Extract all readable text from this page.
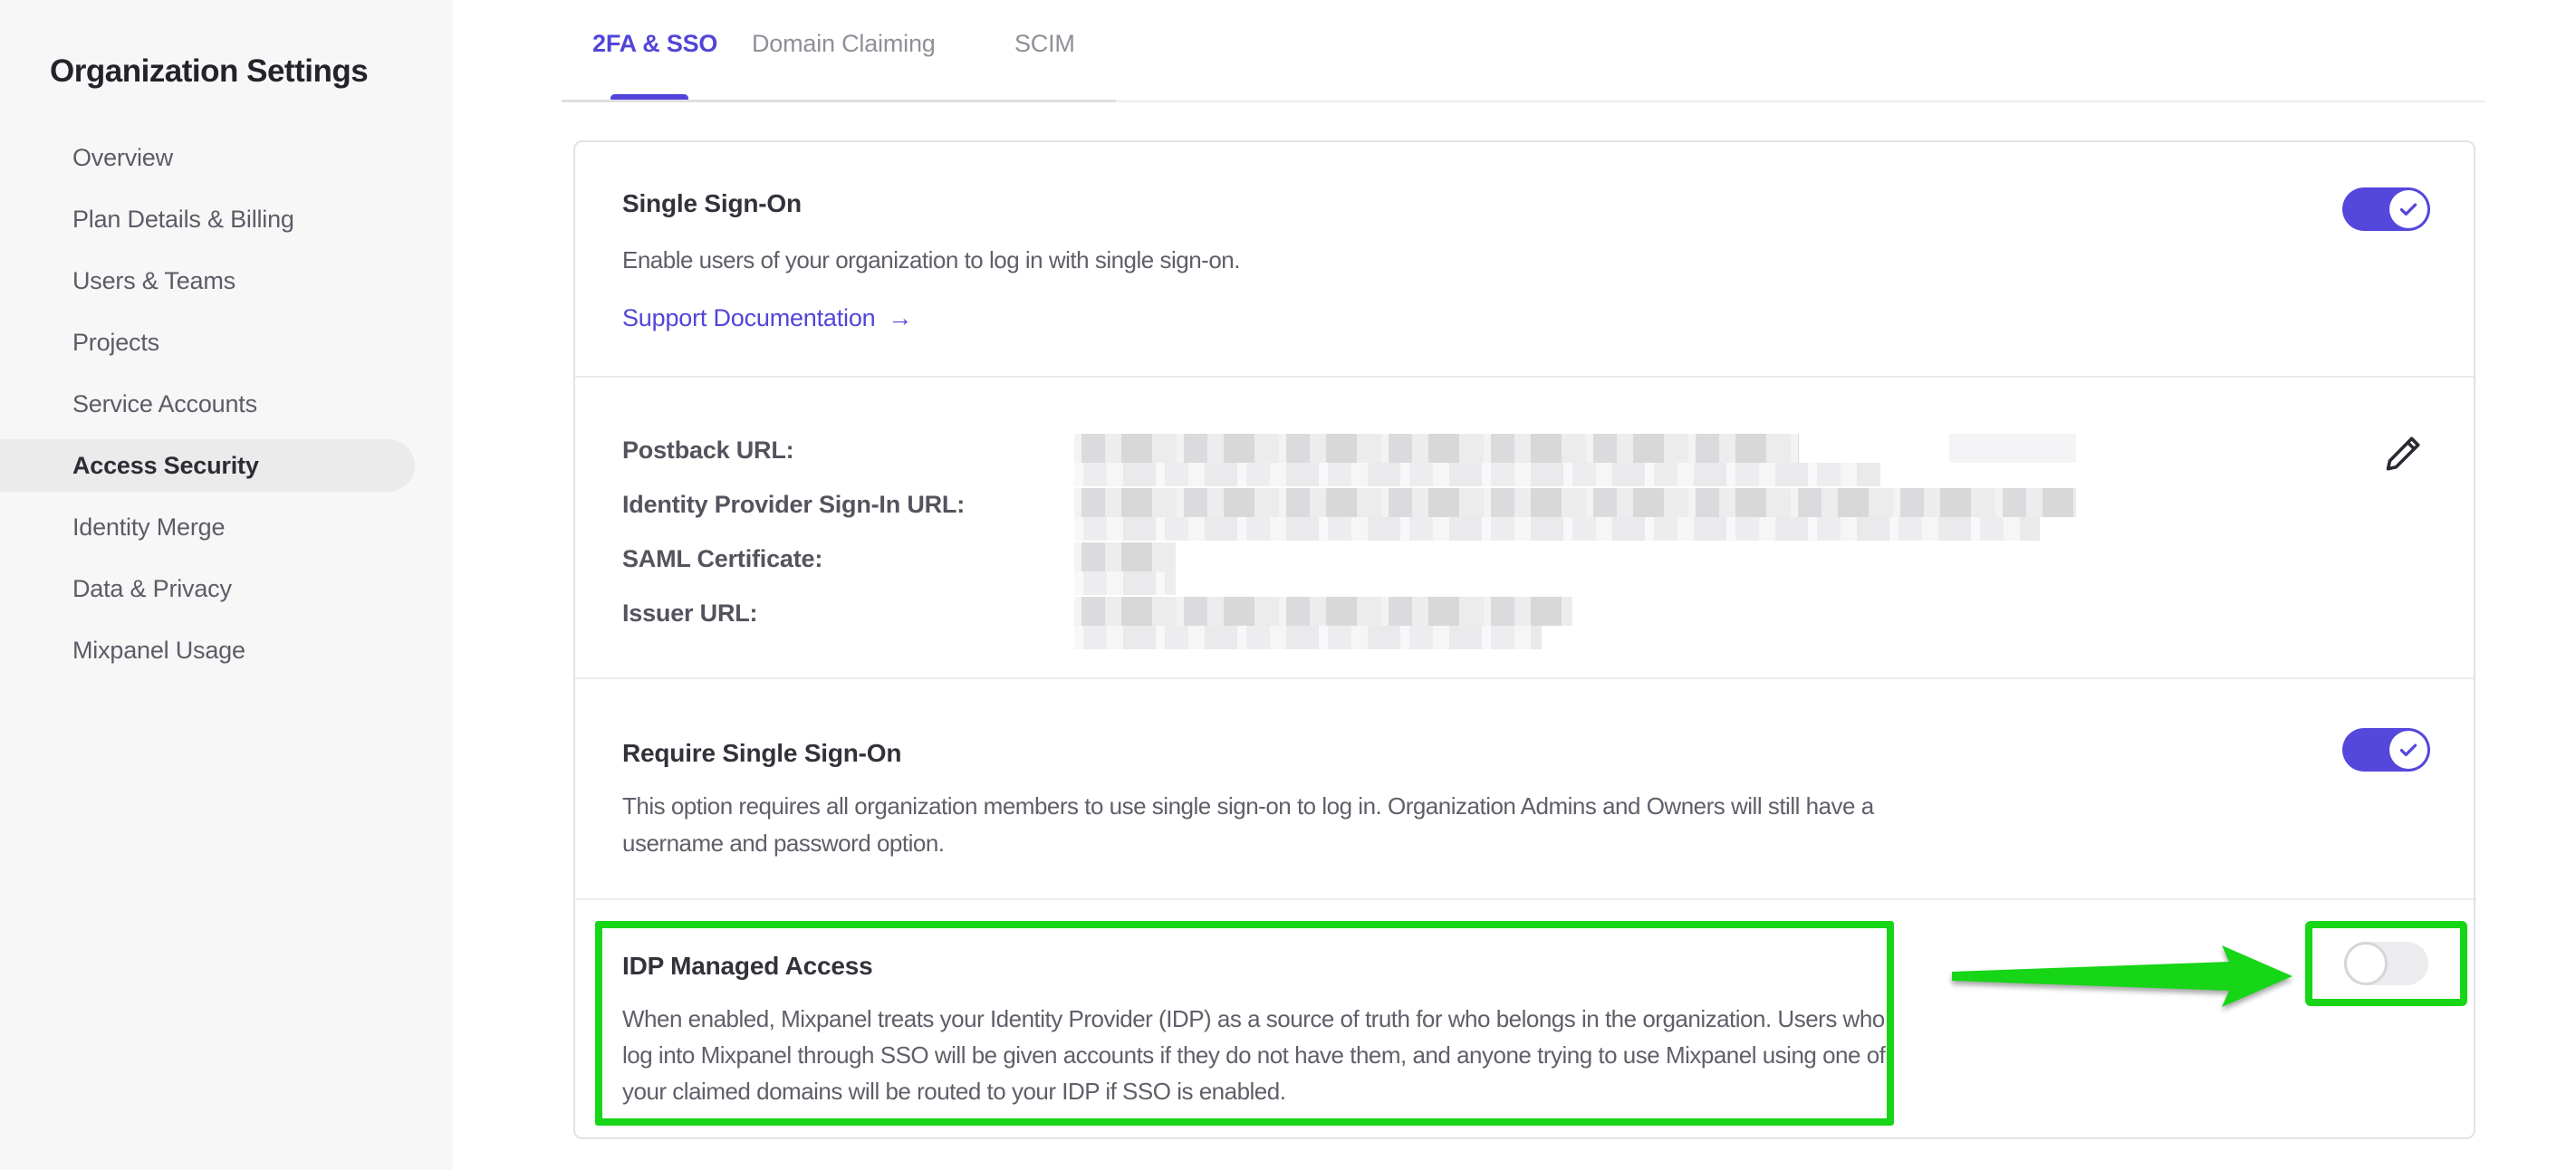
Organization Settings
Overview
Plan Details & Billing
Users & Teams
Projects
Service Accounts
Access Security
Identity Merge
Data & Privacy
Mixpanel Usage
2FA & SSO Domain Claiming	SCIM
Single Sign-On

Enable users of your organization to log in with single sign-on.

Support Documentation →
Postback URL:
Identity Provider Sign-In URL:
SAML Certificate:
Issuer URL:
Require Single Sign-On

This option requires all organization members to use single sign-on to log in. Organization Admins and Owners will still have a username and password option.

IDP Managed Access

When enabled, Mixpanel treats your Identity Provider (IDP) as a source of truth for who belongs in the organization. Users who log into Mixpanel through SSO will be given accounts if they do not have them, and anyone trying to use Mixpanel using one of your claimed domains will be routed to your IDP if SSO is enabled.
